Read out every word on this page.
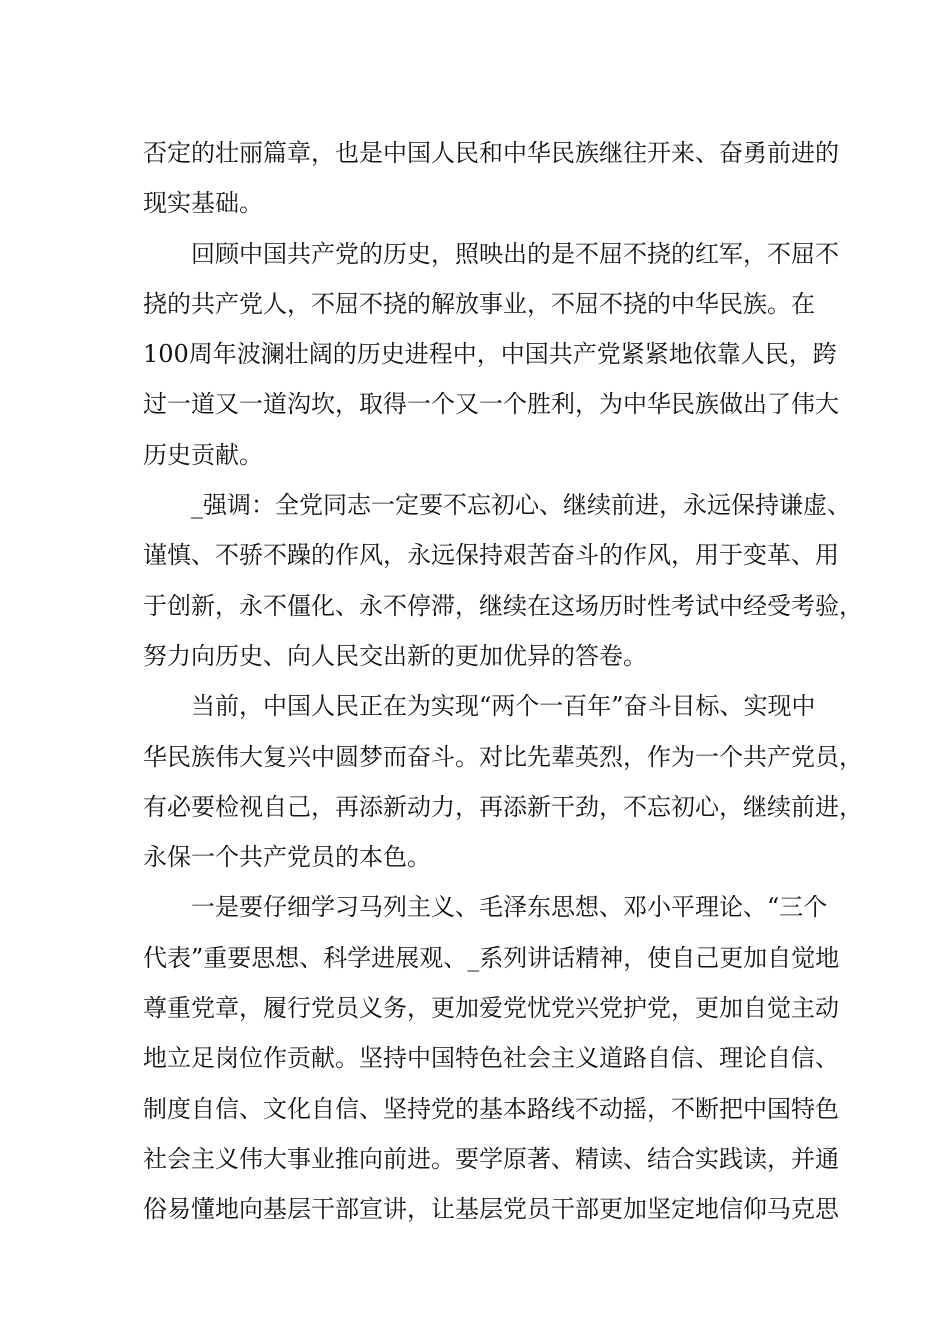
否定的壮丽篇章，也是中国人民和中华民族继往开来、奋勇前进的
现实基础。
回顾中国共产党的历史，照映出的是不屈不挠的红军，不屈不
挠的共产党人，不屈不挠的解放事业，不屈不挠的中华民族。在
100周年波澜壮阔的历史进程中，中国共产党紧紧地依靠人民，跨
过一道又一道沟坎，取得一个又一个胜利，为中华民族做出了伟大
历史贡献。
_强调：全党同志一定要不忘初心、继续前进，永远保持谦虚、
谨慎、不骄不躁的作风，永远保持艰苦奋斗的作风，用于变革、用
于创新，永不僵化、永不停滞，继续在这场历时性考试中经受考验，
努力向历史、向人民交出新的更加优异的答卷。
当前，中国人民正在为实现“两个一百年”奋斗目标、实现中
华民族伟大复兴中圆梦而奋斗。对比先辈英烈，作为一个共产党员，
有必要检视自己，再添新动力，再添新干劲，不忘初心，继续前进，
永保一个共产党员的本色。
一是要仔细学习马列主义、毛泽东思想、邓小平理论、“三个
代表”重要思想、科学进展观、_系列讲话精神，使自己更加自觉地
尊重党章，履行党员义务，更加爱党忧党兴党护党，更加自觉主动
地立足岗位作贡献。坚持中国特色社会主义道路自信、理论自信、
制度自信、文化自信、坚持党的基本路线不动摇，不断把中国特色
社会主义伟大事业推向前进。要学原著、精读、结合实践读，并通
俗易懂地向基层干部宣讲，让基层党员干部更加坚定地信仰马克思
